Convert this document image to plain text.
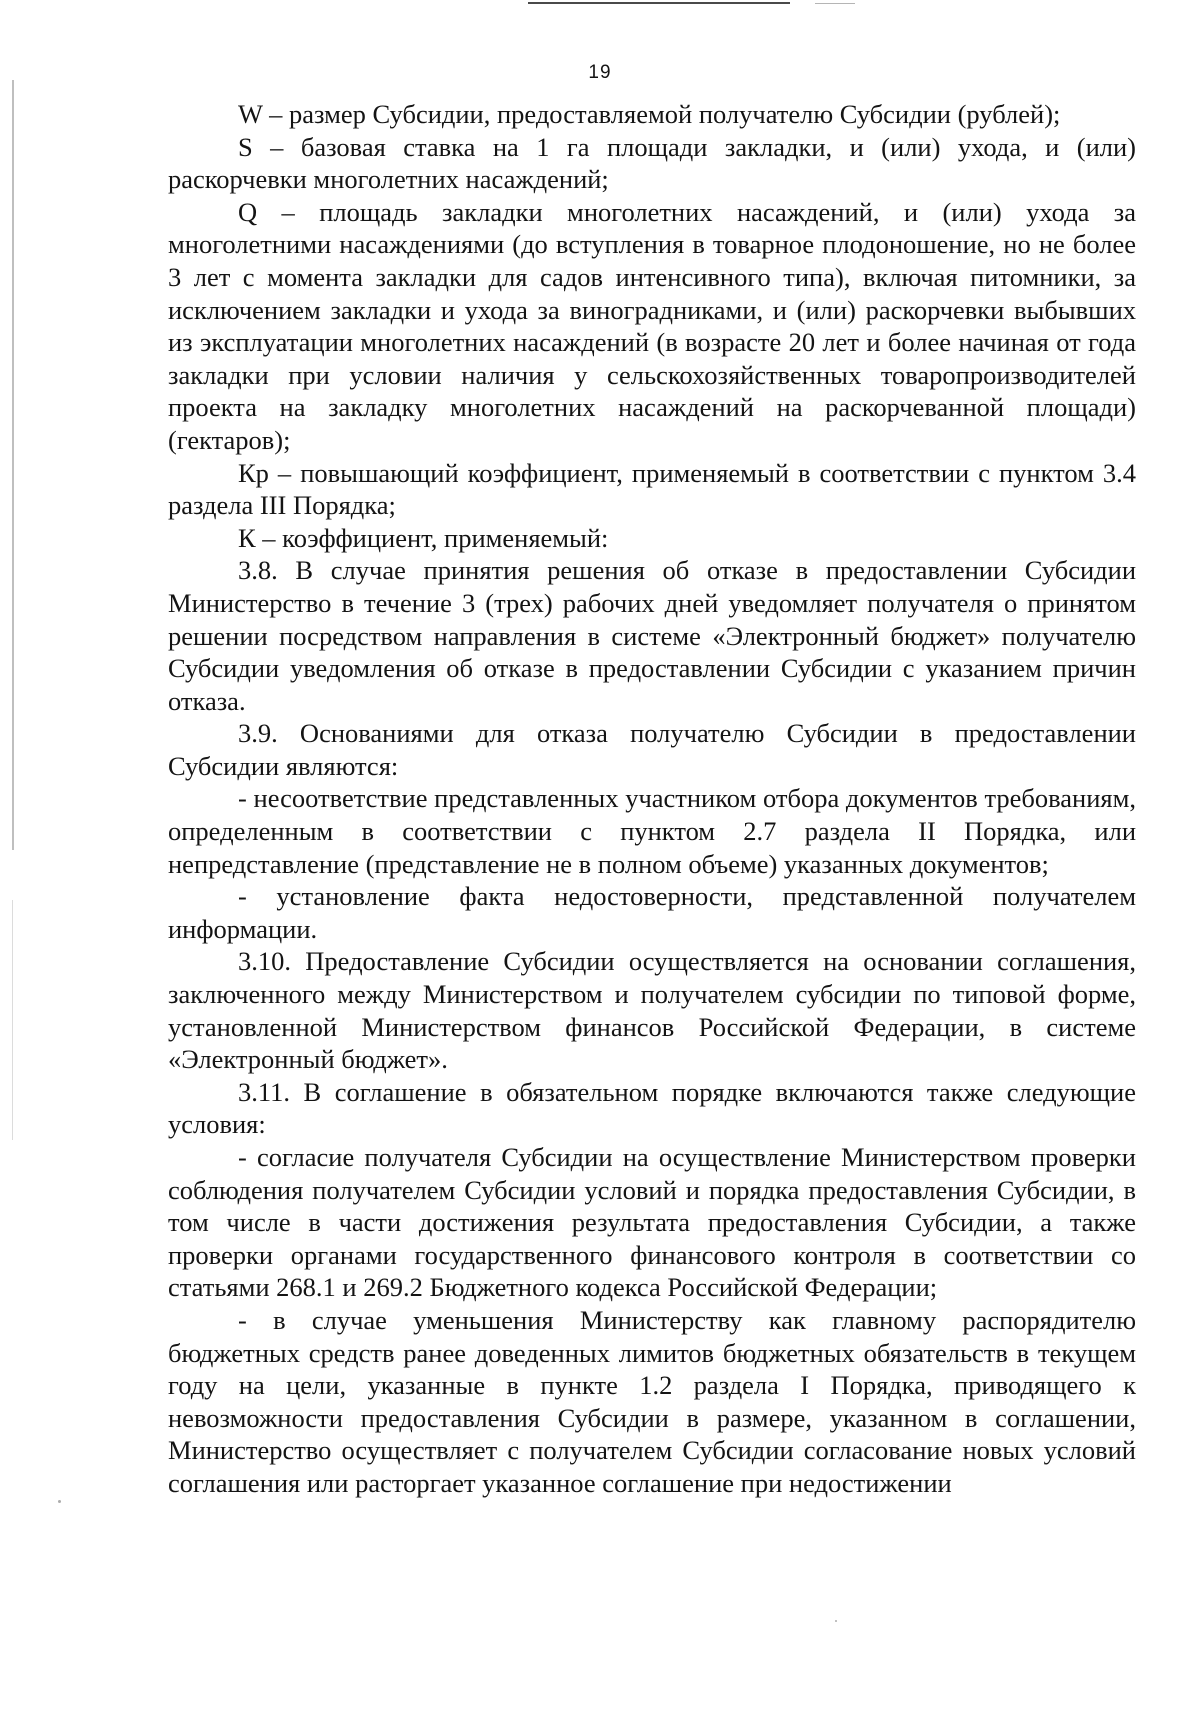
19

W – размер Субсидии, предоставляемой получателю Субсидии (рублей);

S – базовая ставка на 1 га площади закладки, и (или) ухода, и (или) раскорчевки многолетних насаждений;

Q – площадь закладки многолетних насаждений, и (или) ухода за многолетними насаждениями (до вступления в товарное плодоношение, но не более 3 лет с момента закладки для садов интенсивного типа), включая питомники, за исключением закладки и ухода за виноградниками, и (или) раскорчевки выбывших из эксплуатации многолетних насаждений (в возрасте 20 лет и более начиная от года закладки при условии наличия у сельскохозяйственных товаропроизводителей проекта на закладку многолетних насаждений на раскорчеванной площади) (гектаров);

Кр – повышающий коэффициент, применяемый в соответствии с пунктом 3.4 раздела III Порядка;

К – коэффициент, применяемый:

3.8. В случае принятия решения об отказе в предоставлении Субсидии Министерство в течение 3 (трех) рабочих дней уведомляет получателя о принятом решении посредством направления в системе «Электронный бюджет» получателю Субсидии уведомления об отказе в предоставлении Субсидии с указанием причин отказа.

3.9. Основаниями для отказа получателю Субсидии в предоставлении Субсидии являются:

- несоответствие представленных участником отбора документов требованиям, определенным в соответствии с пунктом 2.7 раздела II Порядка, или непредставление (представление не в полном объеме) указанных документов;

- установление факта недостоверности, представленной получателем информации.

3.10. Предоставление Субсидии осуществляется на основании соглашения, заключенного между Министерством и получателем субсидии по типовой форме, установленной Министерством финансов Российской Федерации, в системе «Электронный бюджет».

3.11. В соглашение в обязательном порядке включаются также следующие условия:

- согласие получателя Субсидии на осуществление Министерством проверки соблюдения получателем Субсидии условий и порядка предоставления Субсидии, в том числе в части достижения результата предоставления Субсидии, а также проверки органами государственного финансового контроля в соответствии со статьями 268.1 и 269.2 Бюджетного кодекса Российской Федерации;

- в случае уменьшения Министерству как главному распорядителю бюджетных средств ранее доведенных лимитов бюджетных обязательств в текущем году на цели, указанные в пункте 1.2 раздела I Порядка, приводящего к невозможности предоставления Субсидии в размере, указанном в соглашении, Министерство осуществляет с получателем Субсидии согласование новых условий соглашения или расторгает указанное соглашение при недостижении
